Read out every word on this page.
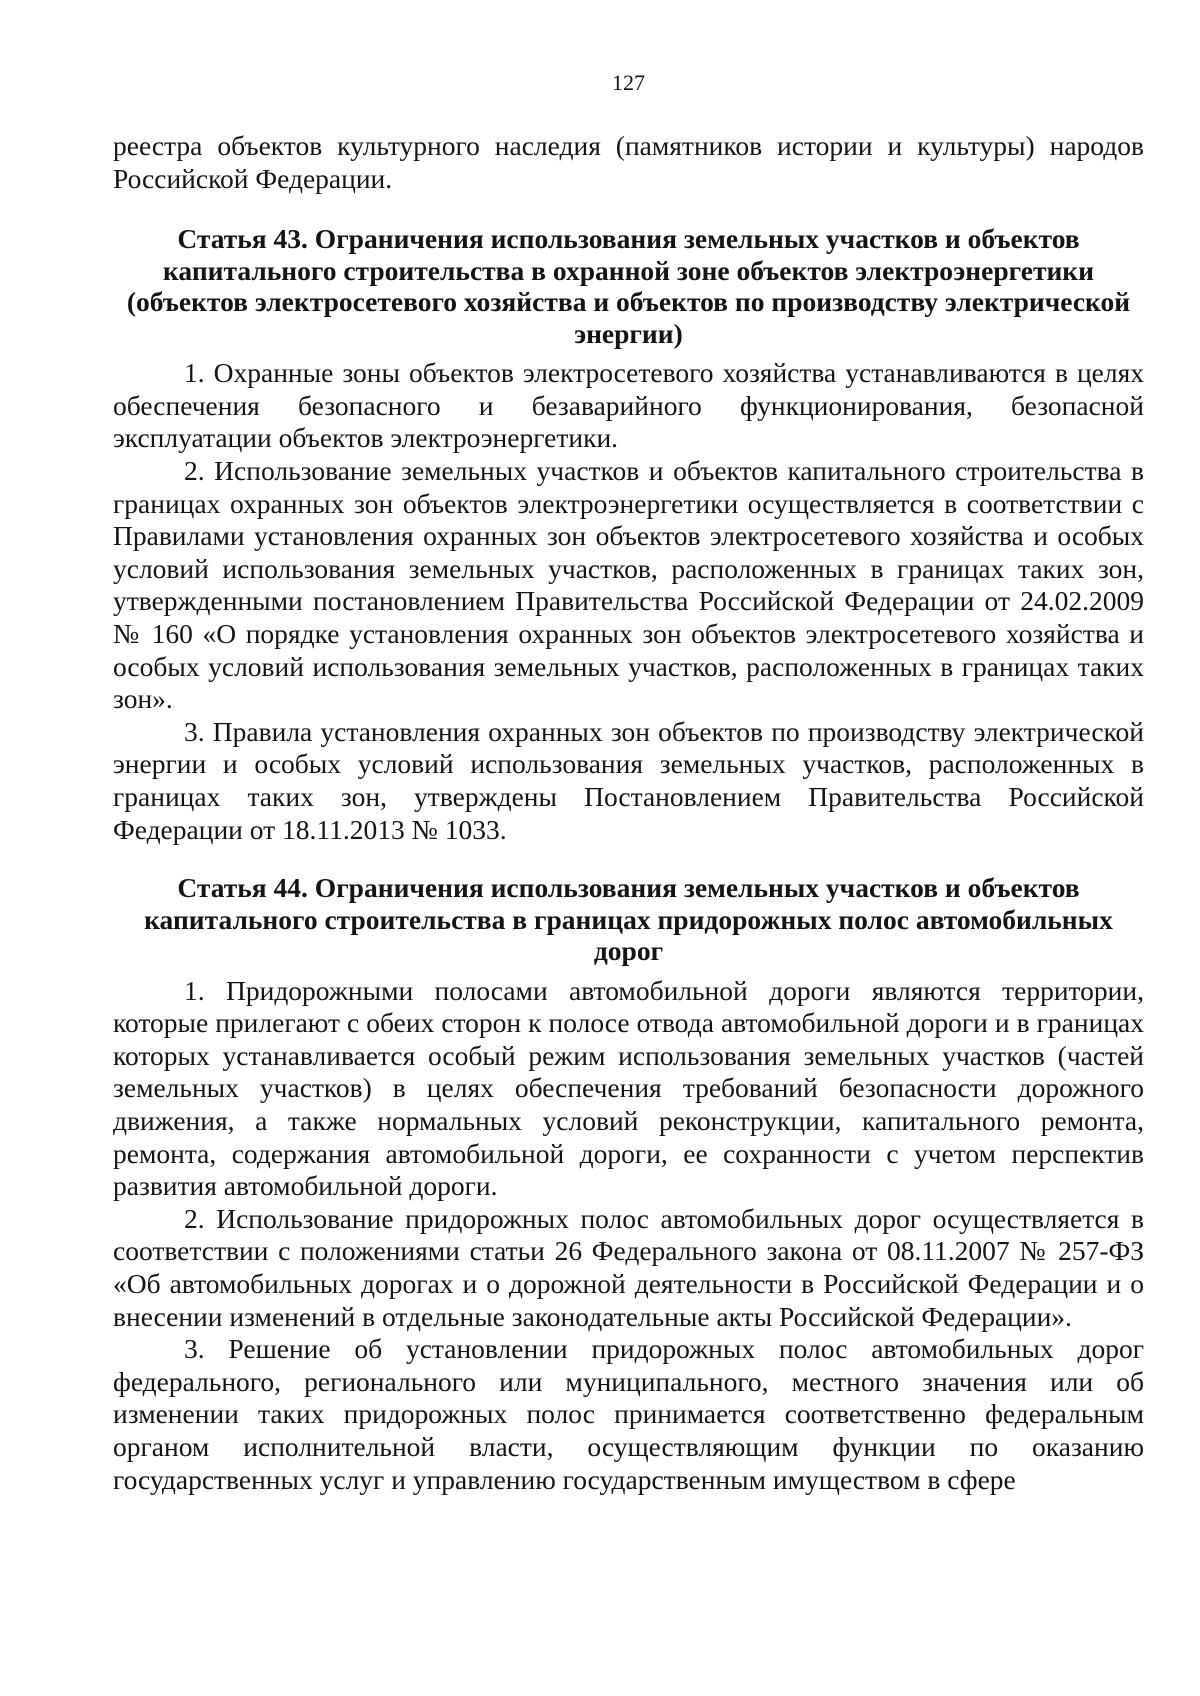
127

реестра объектов культурного наследия (памятников истории и культуры) народов Российской Федерации.

Статья 43. Ограничения использования земельных участков и объектов капитального строительства в охранной зоне объектов электроэнергетики (объектов электросетевого хозяйства и объектов по производству электрической энергии)

1. Охранные зоны объектов электросетевого хозяйства устанавливаются в целях обеспечения безопасного и безаварийного функционирования, безопасной эксплуатации объектов электроэнергетики.

2. Использование земельных участков и объектов капитального строительства в границах охранных зон объектов электроэнергетики осуществляется в соответствии с Правилами установления охранных зон объектов электросетевого хозяйства и особых условий использования земельных участков, расположенных в границах таких зон, утвержденными постановлением Правительства Российской Федерации от 24.02.2009 № 160 «О порядке установления охранных зон объектов электросетевого хозяйства и особых условий использования земельных участков, расположенных в границах таких зон».

3. Правила установления охранных зон объектов по производству электрической энергии и особых условий использования земельных участков, расположенных в границах таких зон, утверждены Постановлением Правительства Российской Федерации от 18.11.2013 № 1033.

Статья 44. Ограничения использования земельных участков и объектов капитального строительства в границах придорожных полос автомобильных дорог

1. Придорожными полосами автомобильной дороги являются территории, которые прилегают с обеих сторон к полосе отвода автомобильной дороги и в границах которых устанавливается особый режим использования земельных участков (частей земельных участков) в целях обеспечения требований безопасности дорожного движения, а также нормальных условий реконструкции, капитального ремонта, ремонта, содержания автомобильной дороги, ее сохранности с учетом перспектив развития автомобильной дороги.

2. Использование придорожных полос автомобильных дорог осуществляется в соответствии с положениями статьи 26 Федерального закона от 08.11.2007 № 257-ФЗ «Об автомобильных дорогах и о дорожной деятельности в Российской Федерации и о внесении изменений в отдельные законодательные акты Российской Федерации».

3. Решение об установлении придорожных полос автомобильных дорог федерального, регионального или муниципального, местного значения или об изменении таких придорожных полос принимается соответственно федеральным органом исполнительной власти, осуществляющим функции по оказанию государственных услуг и управлению государственным имуществом в сфере
